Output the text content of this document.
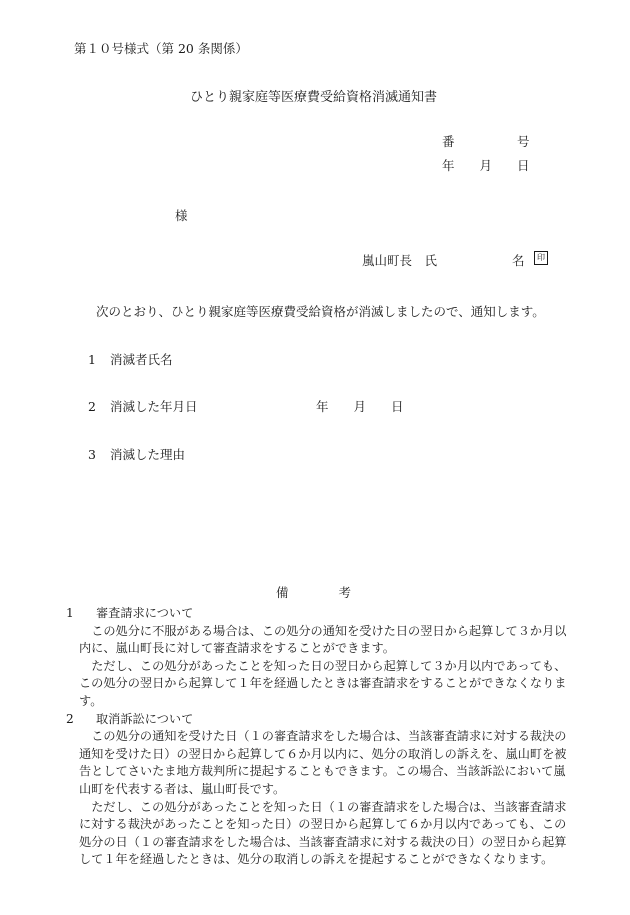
第１０号様式（第 20 条関係）
ひとり親家庭等医療費受給資格消滅通知書
番　　　　　号
年　　月　　日
様
嵐山町長　氏　　　　　　名	印
次のとおり、ひとり親家庭等医療費受給資格が消滅しましたので、通知します。
1 消滅者氏名
2 消滅した年月日	年　　月　　日
3 消滅した理由
備　　　　考
1 審査請求について

この処分に不服がある場合は、この処分の通知を受けた日の翌日から起算して３か月以内に、嵐山町長に対して審査請求をすることができます。

ただし、この処分があったことを知った日の翌日から起算して３か月以内であっても、この処分の翌日から起算して１年を経過したときは審査請求をすることができなくなります。

2 取消訴訟について

この処分の通知を受けた日（１の審査請求をした場合は、当該審査請求に対する裁決の通知を受けた日）の翌日から起算して６か月以内に、処分の取消しの訴えを、嵐山町を被告としてさいたま地方裁判所に提起することもできます。この場合、当該訴訟において嵐山町を代表する者は、嵐山町長です。

ただし、この処分があったことを知った日（１の審査請求をした場合は、当該審査請求に対する裁決があったことを知った日）の翌日から起算して６か月以内であっても、この処分の日（１の審査請求をした場合は、当該審査請求に対する裁決の日）の翌日から起算して１年を経過したときは、処分の取消しの訴えを提起することができなくなります。
